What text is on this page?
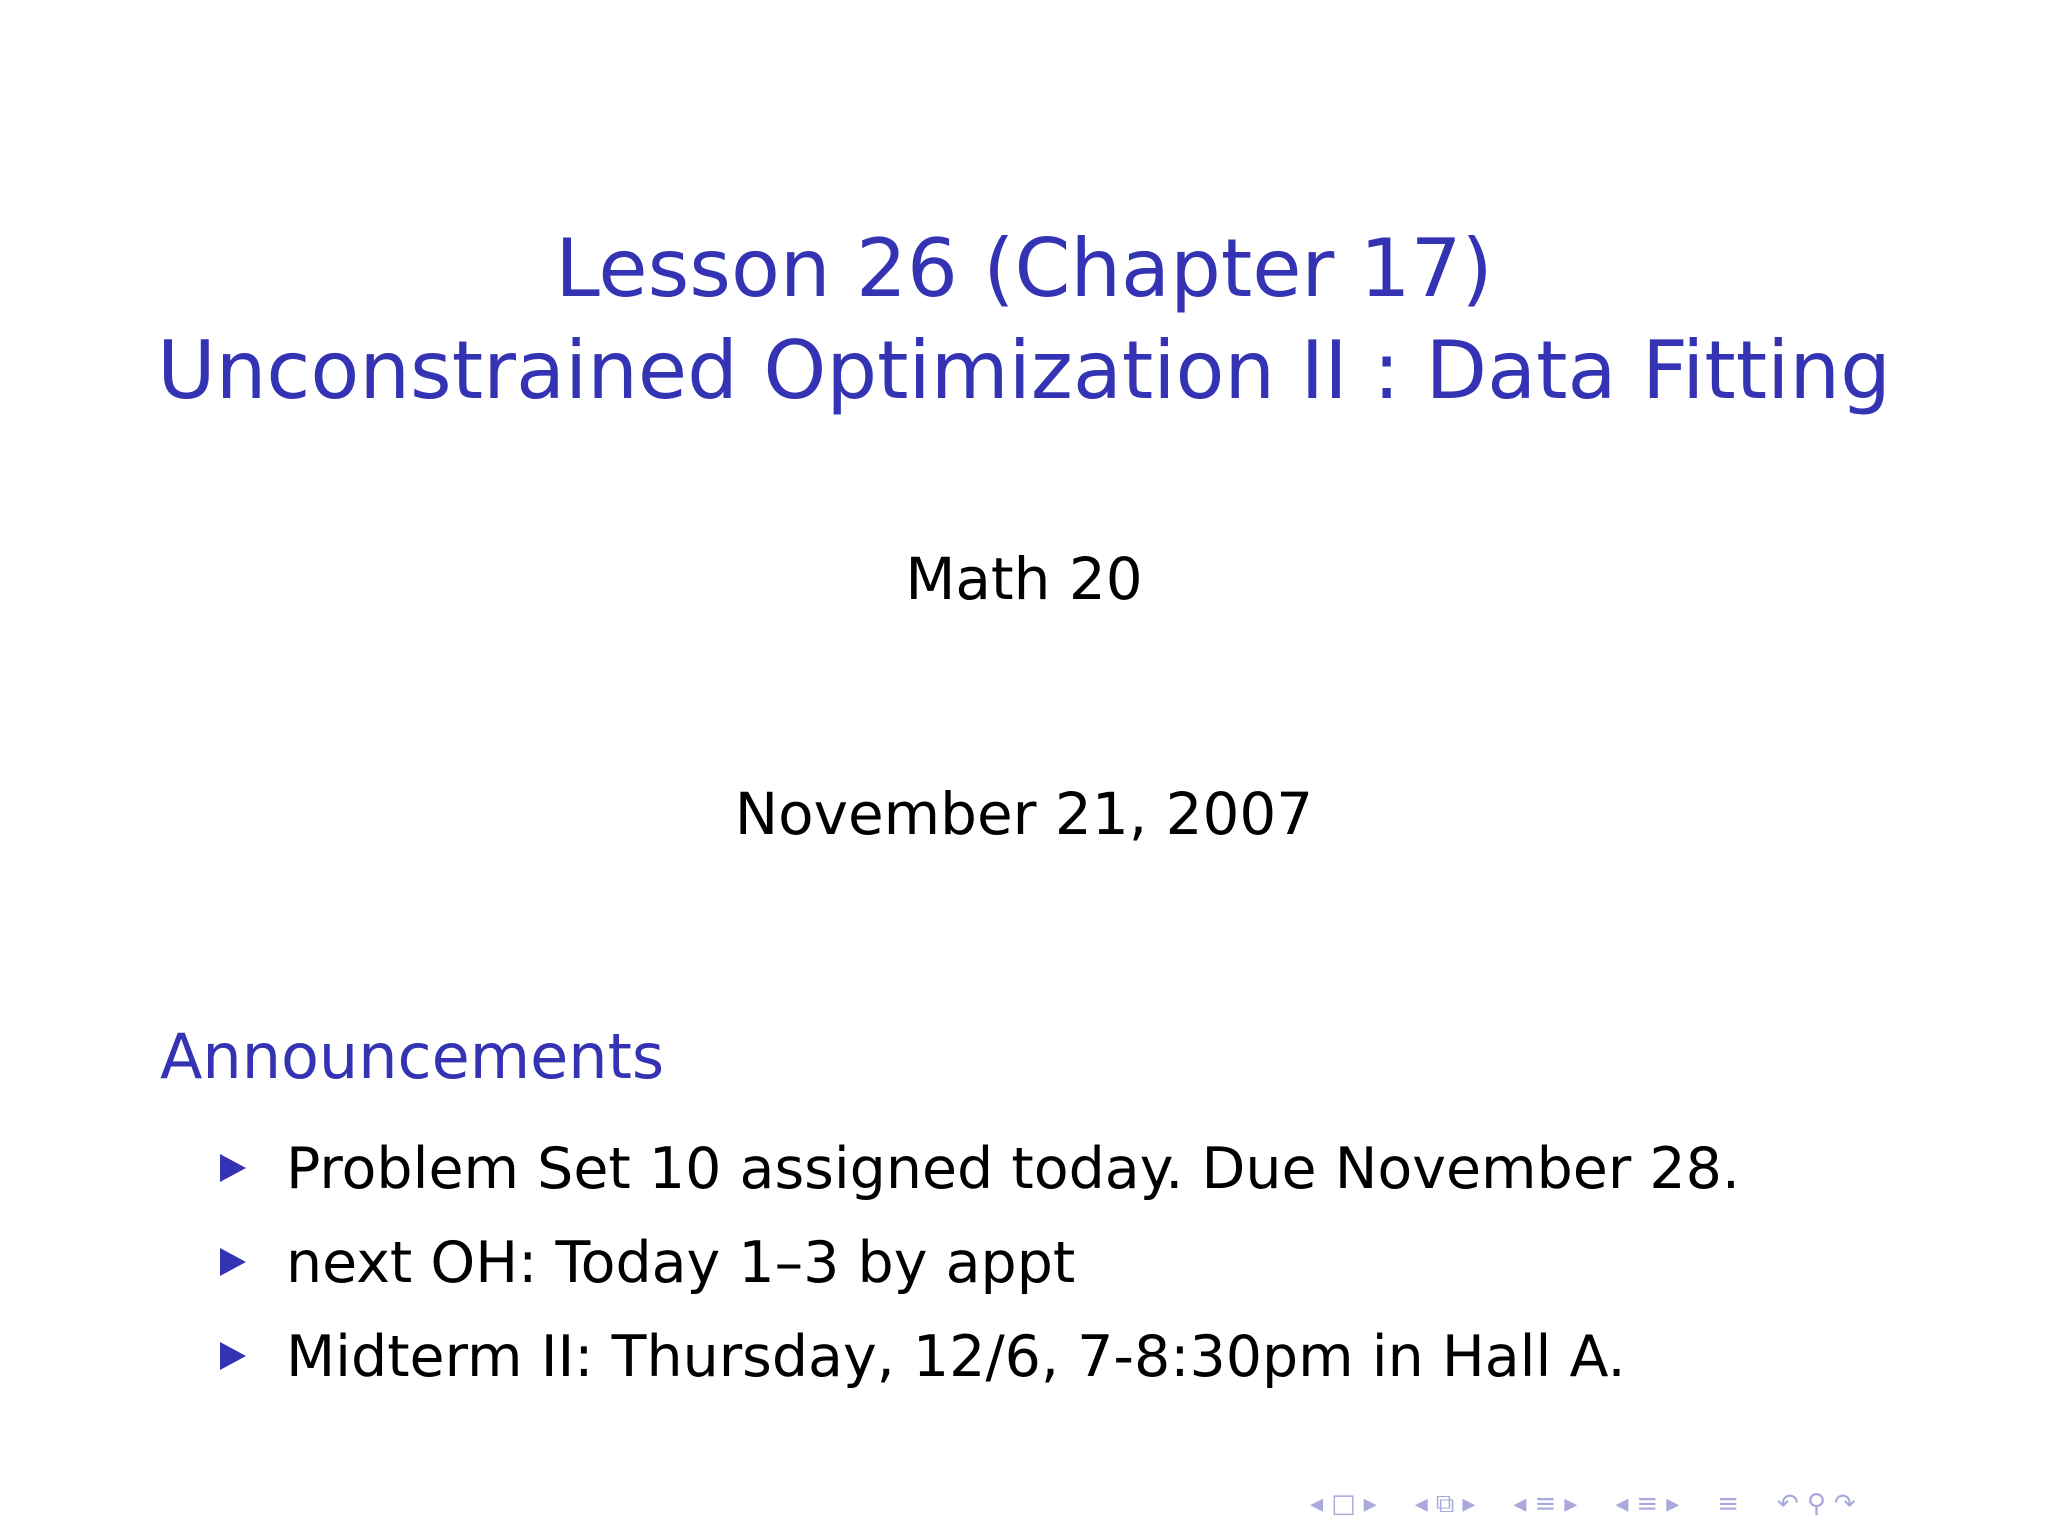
Lesson 26 (Chapter 17)
Unconstrained Optimization II : Data Fitting
Math 20
November 21, 2007
Announcements
Problem Set 10 assigned today. Due November 28.
next OH: Today 1–3 by appt
Midterm II: Thursday, 12/6, 7-8:30pm in Hall A.
◂ □ ▸ ◂ ⧉ ▸ ◂ ≡ ▸ ◂ ≡ ▸ ≡ ↶ ⚲ ↷
